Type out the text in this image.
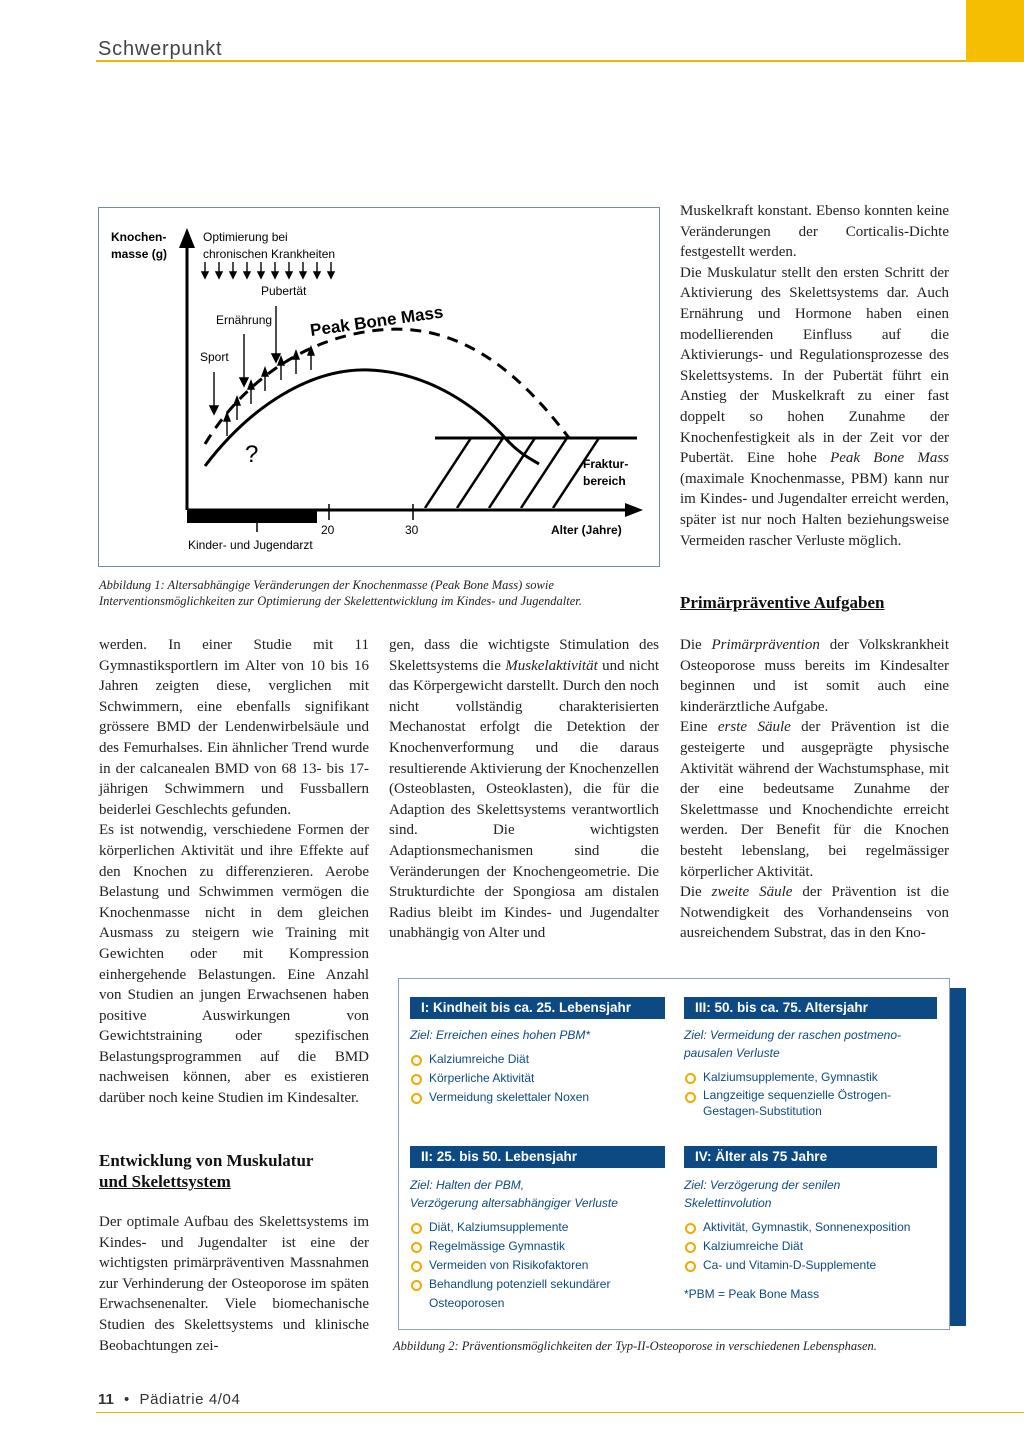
Schwerpunkt
Knochen-
masse (g)
Optimierung bei
chronischen Krankheiten
Pubertät
Ernährung
Sport
Peak Bone Mass
?	Fraktur-
bereich
20	30	Alter (Jahre)
Kinder- und Jugendarzt
Abbildung 1: Altersabhängige Veränderungen der Knochenmasse (Peak Bone Mass) sowie
Interventionsmöglichkeiten zur Optimierung der Skelettentwicklung im Kindes- und Jugendalter.

werden. In einer Studie mit 11 Gymnastiksportlern im Alter von 10 bis 16 Jahren zeigten diese, verglichen mit Schwimmern, eine ebenfalls signifikant grössere BMD der Lendenwirbelsäule und des Femurhalses. Ein ähnlicher Trend wurde in der calcanealen BMD von 68 13- bis 17-jährigen Schwimmern und Fussballern beiderlei Geschlechts gefunden.

Es ist notwendig, verschiedene Formen der körperlichen Aktivität und ihre Effekte auf den Knochen zu differenzieren. Aerobe Belastung und Schwimmen vermögen die Knochenmasse nicht in dem gleichen Ausmass zu steigern wie Training mit Gewichten oder mit Kompression einhergehende Belastungen. Eine Anzahl von Studien an jungen Erwachsenen haben positive Auswirkungen von Gewichtstraining oder spezifischen Belastungsprogrammen auf die BMD nachweisen können, aber es existieren darüber noch keine Studien im Kindesalter.

Entwicklung von Muskulatur
und Skelettsystem

Der optimale Aufbau des Skelettsystems im Kindes- und Jugendalter ist eine der wichtigsten primärpräventiven Massnahmen zur Verhinderung der Osteoporose im späten Erwachsenenalter. Viele biomechanische Studien des Skelettsystems und klinische Beobachtungen zei-

gen, dass die wichtigste Stimulation des Skelettsystems die Muskelaktivität und nicht das Körpergewicht darstellt. Durch den noch nicht vollständig charakterisierten Mechanostat erfolgt die Detektion der Knochenverformung und die daraus resultierende Aktivierung der Knochenzellen (Osteoblasten, Osteoklasten), die für die Adaption des Skelettsystems verantwortlich sind. Die wichtigsten Adaptionsmechanismen sind die Veränderungen der Knochengeometrie. Die Strukturdichte der Spongiosa am distalen Radius bleibt im Kindes- und Jugendalter unabhängig von Alter und

Muskelkraft konstant. Ebenso konnten keine Veränderungen der Corticalis-Dichte festgestellt werden.

Die Muskulatur stellt den ersten Schritt der Aktivierung des Skelettsystems dar. Auch Ernährung und Hormone haben einen modellierenden Einfluss auf die Aktivierungs- und Regulationsprozesse des Skelettsystems. In der Pubertät führt ein Anstieg der Muskelkraft zu einer fast doppelt so hohen Zunahme der Knochenfestigkeit als in der Zeit vor der Pubertät. Eine hohe Peak Bone Mass (maximale Knochenmasse, PBM) kann nur im Kindes- und Jugendalter erreicht werden, später ist nur noch Halten beziehungsweise Vermeiden rascher Verluste möglich.

Primärpräventive Aufgaben

Die Primärprävention der Volkskrankheit Osteoporose muss bereits im Kindesalter beginnen und ist somit auch eine kinderärztliche Aufgabe.

Eine erste Säule der Prävention ist die gesteigerte und ausgeprägte physische Aktivität während der Wachstumsphase, mit der eine bedeutsame Zunahme der Skelettmasse und Knochendichte erreicht werden. Der Benefit für die Knochen besteht lebenslang, bei regelmässiger körperlicher Aktivität.

Die zweite Säule der Prävention ist die Notwendigkeit des Vorhandenseins von ausreichendem Substrat, das in den Kno-

I: Kindheit bis ca. 25. Lebensjahr
Ziel: Erreichen eines hohen PBM*
Kalziumreiche Diät
Körperliche Aktivität
Vermeidung skelettaler Noxen
III: 50. bis ca. 75. Altersjahr
Ziel: Vermeidung der raschen postmeno-
pausalen Verluste
Kalziumsupplemente, Gymnastik
Langzeitige sequenzielle Östrogen-Gestagen-Substitution
II: 25. bis 50. Lebensjahr
Ziel: Halten der PBM,
Verzögerung altersabhängiger Verluste
Diät, Kalziumsupplemente
Regelmässige Gymnastik
Vermeiden von Risikofaktoren
Behandlung potenziell sekundärer Osteoporosen
IV: Älter als 75 Jahre
Ziel: Verzögerung der senilen
Skelettinvolution
Aktivität, Gymnastik, Sonnenexposition
Kalziumreiche Diät
Ca- und Vitamin-D-Supplemente
*PBM = Peak Bone Mass
Abbildung 2: Präventionsmöglichkeiten der Typ-II-Osteoporose in verschiedenen Lebensphasen.
11 • Pädiatrie 4/04
